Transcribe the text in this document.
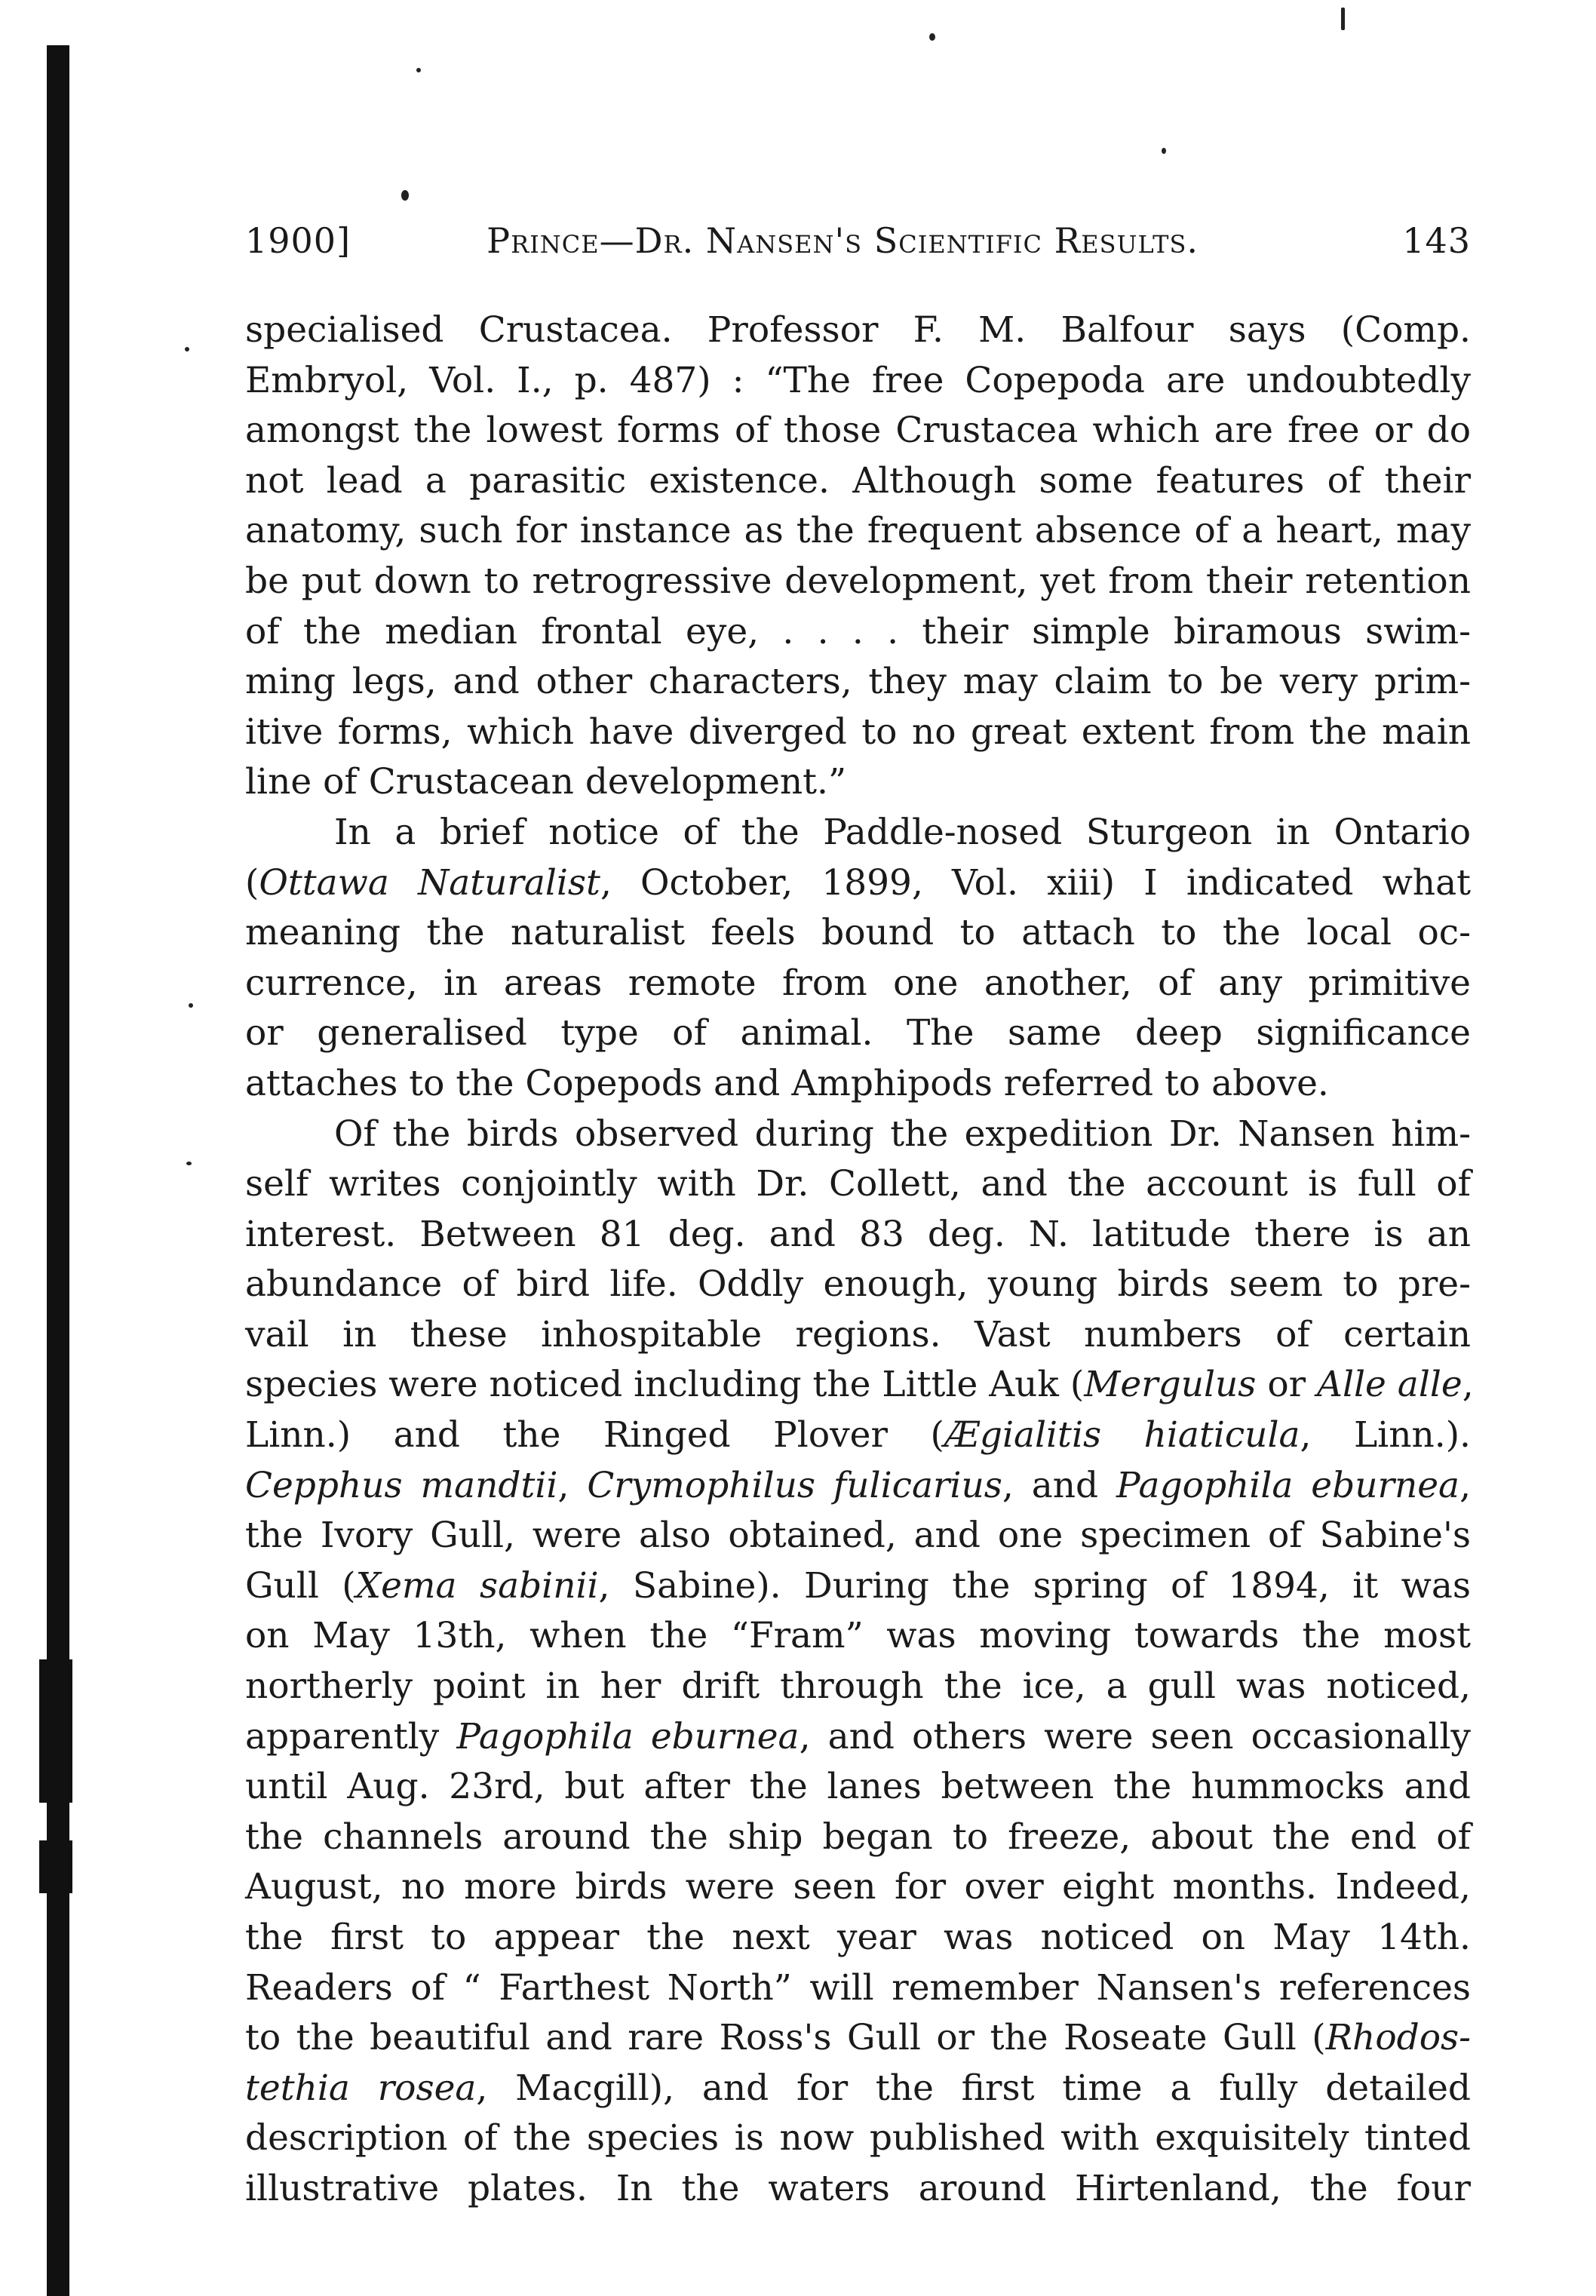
1900]	Prince—Dr. Nansen's Scientific Results.	143
specialised Crustacea. Professor F. M. Balfour says (Comp.
Embryol, Vol. I., p. 487) : “The free Copepoda are undoubtedly
amongst the lowest forms of those Crustacea which are free or do
not lead a parasitic existence. Although some features of their
anatomy, such for instance as the frequent absence of a heart, may
be put down to retrogressive development, yet from their retention
of the median frontal eye, . . . . their simple biramous swim-
ming legs, and other characters, they may claim to be very prim-
itive forms, which have diverged to no great extent from the main
line of Crustacean development.”
In a brief notice of the Paddle-nosed Sturgeon in Ontario
(Ottawa Naturalist, October, 1899, Vol. xiii) I indicated what
meaning the naturalist feels bound to attach to the local oc-
currence, in areas remote from one another, of any primitive
or generalised type of animal. The same deep significance
attaches to the Copepods and Amphipods referred to above.
Of the birds observed during the expedition Dr. Nansen him-
self writes conjointly with Dr. Collett, and the account is full of
interest. Between 81 deg. and 83 deg. N. latitude there is an
abundance of bird life. Oddly enough, young birds seem to pre-
vail in these inhospitable regions. Vast numbers of certain
species were noticed including the Little Auk (Mergulus or Alle alle,
Linn.) and the Ringed Plover (Ægialitis hiaticula, Linn.).
Cepphus mandtii, Crymophilus fulicarius, and Pagophila eburnea,
the Ivory Gull, were also obtained, and one specimen of Sabine's
Gull (Xema sabinii, Sabine). During the spring of 1894, it was
on May 13th, when the “Fram” was moving towards the most
northerly point in her drift through the ice, a gull was noticed,
apparently Pagophila eburnea, and others were seen occasionally
until Aug. 23rd, but after the lanes between the hummocks and
the channels around the ship began to freeze, about the end of
August, no more birds were seen for over eight months. Indeed,
the first to appear the next year was noticed on May 14th.
Readers of “ Farthest North” will remember Nansen's references
to the beautiful and rare Ross's Gull or the Roseate Gull (Rhodos-
tethia rosea, Macgill), and for the first time a fully detailed
description of the species is now published with exquisitely tinted
illustrative plates. In the waters around Hirtenland, the four
